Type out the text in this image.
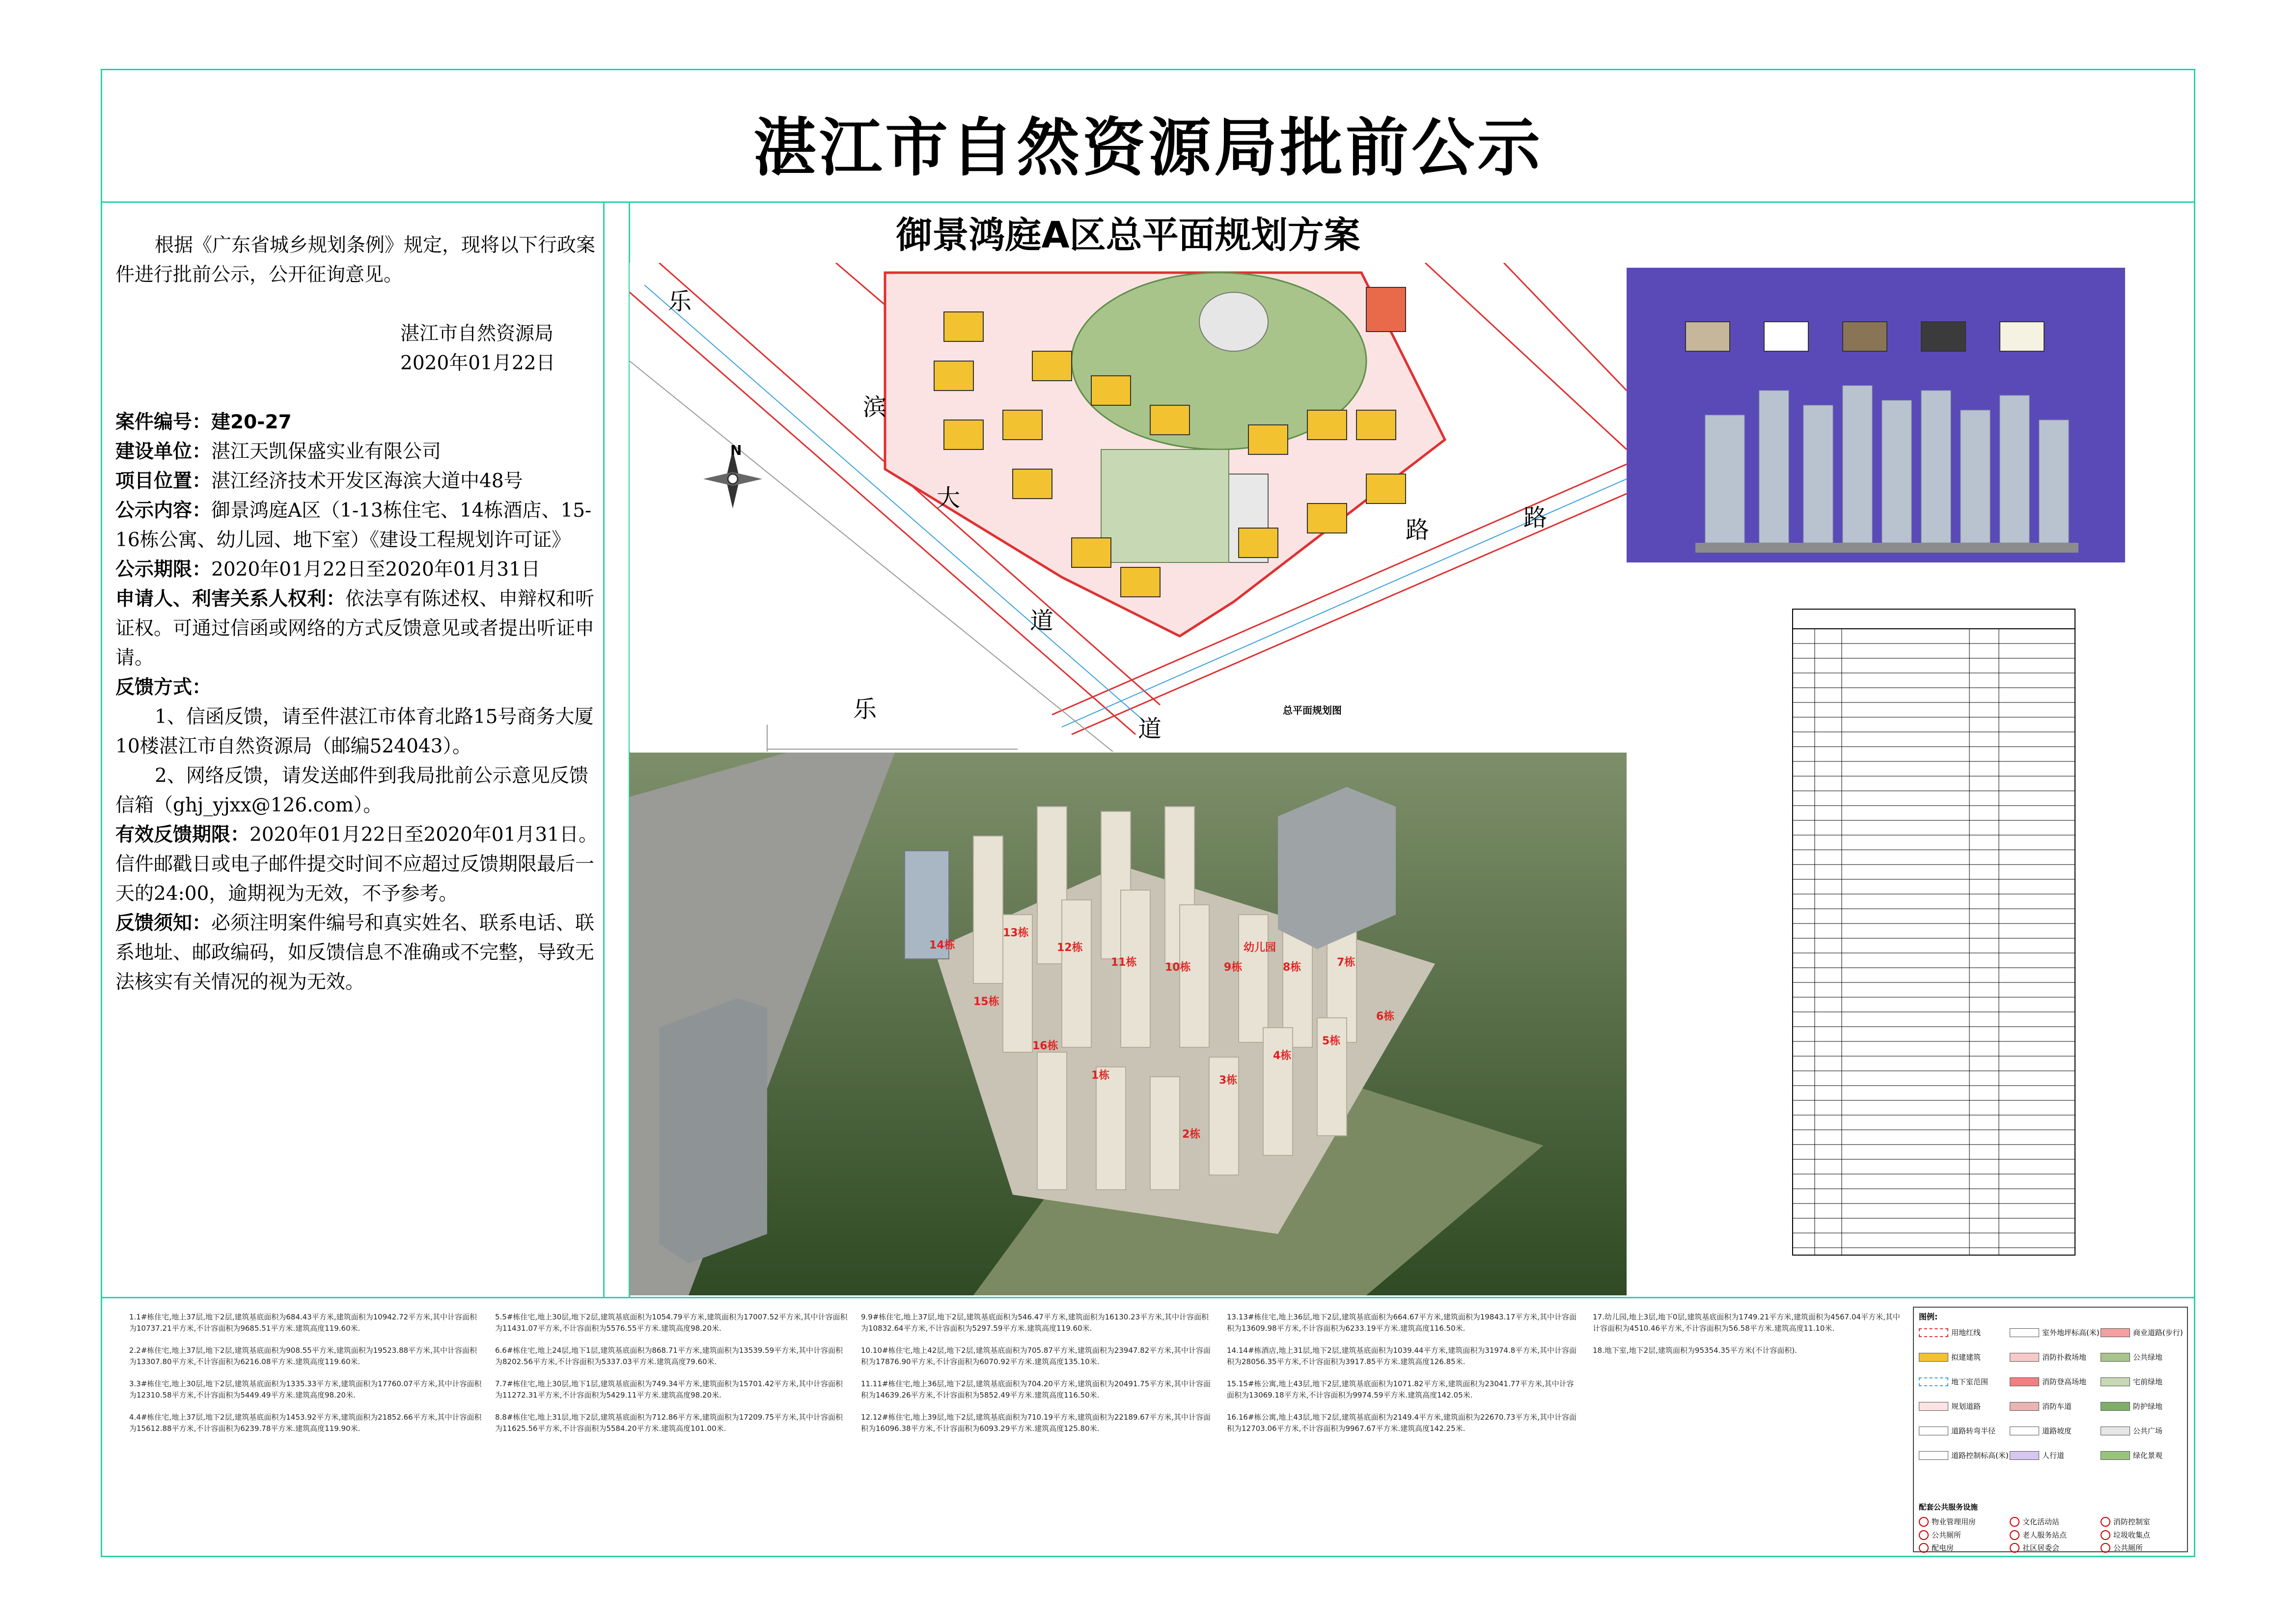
湛江市自然资源局批前公示
根据《广东省城乡规划条例》规定，现将以下行政案件进行批前公示，公开征询意见。
湛江市自然资源局
2020年01月22日
案件编号：建20-27
建设单位：湛江天凯保盛实业有限公司
项目位置：湛江经济技术开发区海滨大道中48号
公示内容：御景鸿庭A区（1-13栋住宅、14栋酒店、15-16栋公寓、幼儿园、地下室）《建设工程规划许可证》
公示期限：2020年01月22日至2020年01月31日
申请人、利害关系人权利：依法享有陈述权、申辩权和听证权。可通过信函或网络的方式反馈意见或者提出听证申请。
反馈方式：
1、信函反馈，请至件湛江市体育北路15号商务大厦10楼湛江市自然资源局（邮编524043）。
2、网络反馈，请发送邮件到我局批前公示意见反馈信箱（ghj_yjxx@126.com）。
有效反馈期限：2020年01月22日至2020年01月31日。信件邮戳日或电子邮件提交时间不应超过反馈期限最后一天的24:00，逾期视为无效，不予参考。
反馈须知：必须注明案件编号和真实姓名、联系电话、联系地址、邮政编码，如反馈信息不准确或不完整，导致无法核实有关情况的视为无效。
御景鸿庭A区总平面规划方案
N
乐
滨
大
道
乐
道
路	路
总平面规划图
14栋
15栋
13栋
12栋
11栋	10栋	9栋
幼儿园
8栋	7栋
16栋
1栋
2栋
3栋
4栋
5栋
6栋
1.1#栋住宅,地上37层,地下2层,建筑基底面积为684.43平方米,建筑面积为10942.72平方米,其中计容面积为10737.21平方米,不计容面积为9685.51平方米.建筑高度119.60米.
2.2#栋住宅,地上37层,地下2层,建筑基底面积为908.55平方米,建筑面积为19523.88平方米,其中计容面积为13307.80平方米,不计容面积为6216.08平方米.建筑高度119.60米.
3.3#栋住宅,地上30层,地下2层,建筑基底面积为1335.33平方米,建筑面积为17760.07平方米,其中计容面积为12310.58平方米,不计容面积为5449.49平方米.建筑高度98.20米.
4.4#栋住宅,地上37层,地下2层,建筑基底面积为1453.92平方米,建筑面积为21852.66平方米,其中计容面积为15612.88平方米,不计容面积为6239.78平方米.建筑高度119.90米.
5.5#栋住宅,地上30层,地下2层,建筑基底面积为1054.79平方米,建筑面积为17007.52平方米,其中计容面积为11431.07平方米,不计容面积为5576.55平方米.建筑高度98.20米.
6.6#栋住宅,地上24层,地下1层,建筑基底面积为868.71平方米,建筑面积为13539.59平方米,其中计容面积为8202.56平方米,不计容面积为5337.03平方米.建筑高度79.60米.
7.7#栋住宅,地上30层,地下1层,建筑基底面积为749.34平方米,建筑面积为15701.42平方米,其中计容面积为11272.31平方米,不计容面积为5429.11平方米.建筑高度98.20米.
8.8#栋住宅,地上31层,地下2层,建筑基底面积为712.86平方米,建筑面积为17209.75平方米,其中计容面积为11625.56平方米,不计容面积为5584.20平方米.建筑高度101.00米.
9.9#栋住宅,地上37层,地下2层,建筑基底面积为546.47平方米,建筑面积为16130.23平方米,其中计容面积为10832.64平方米,不计容面积为5297.59平方米.建筑高度119.60米.
10.10#栋住宅,地上42层,地下2层,建筑基底面积为705.87平方米,建筑面积为23947.82平方米,其中计容面积为17876.90平方米,不计容面积为6070.92平方米.建筑高度135.10米.
11.11#栋住宅,地上36层,地下2层,建筑基底面积为704.20平方米,建筑面积为20491.75平方米,其中计容面积为14639.26平方米,不计容面积为5852.49平方米.建筑高度116.50米.
12.12#栋住宅,地上39层,地下2层,建筑基底面积为710.19平方米,建筑面积为22189.67平方米,其中计容面积为16096.38平方米,不计容面积为6093.29平方米.建筑高度125.80米.
13.13#栋住宅,地上36层,地下2层,建筑基底面积为664.67平方米,建筑面积为19843.17平方米,其中计容面积为13609.98平方米,不计容面积为6233.19平方米.建筑高度116.50米.
14.14#栋酒店,地上31层,地下2层,建筑基底面积为1039.44平方米,建筑面积为31974.8平方米,其中计容面积为28056.35平方米,不计容面积为3917.85平方米.建筑高度126.85米.
15.15#栋公寓,地上43层,地下2层,建筑基底面积为1071.82平方米,建筑面积为23041.77平方米,其中计容面积为13069.18平方米,不计容面积为9974.59平方米.建筑高度142.05米.
16.16#栋公寓,地上43层,地下2层,建筑基底面积为2149.4平方米,建筑面积为22670.73平方米,其中计容面积为12703.06平方米,不计容面积为9967.67平方米.建筑高度142.25米.
17.幼儿园,地上3层,地下0层,建筑基底面积为1749.21平方米,建筑面积为4567.04平方米,其中计容面积为4510.46平方米,不计容面积为56.58平方米.建筑高度11.10米.
18.地下室,地下2层,建筑面积为95354.35平方米(不计容面积).
图例:
用地红线	室外地坪标高(米)	商业道路(步行)
拟建建筑	消防扑救场地	公共绿地
地下室范围	消防登高场地	宅前绿地
规划道路	消防车道	防护绿地
道路转弯半径	道路坡度	公共广场
道路控制标高(米)	人行道	绿化景观
配套公共服务设施
物业管理用房	文化活动站	消防控制室
公共厕所	老人服务站点	垃圾收集点
配电房	社区居委会	公共厕所
